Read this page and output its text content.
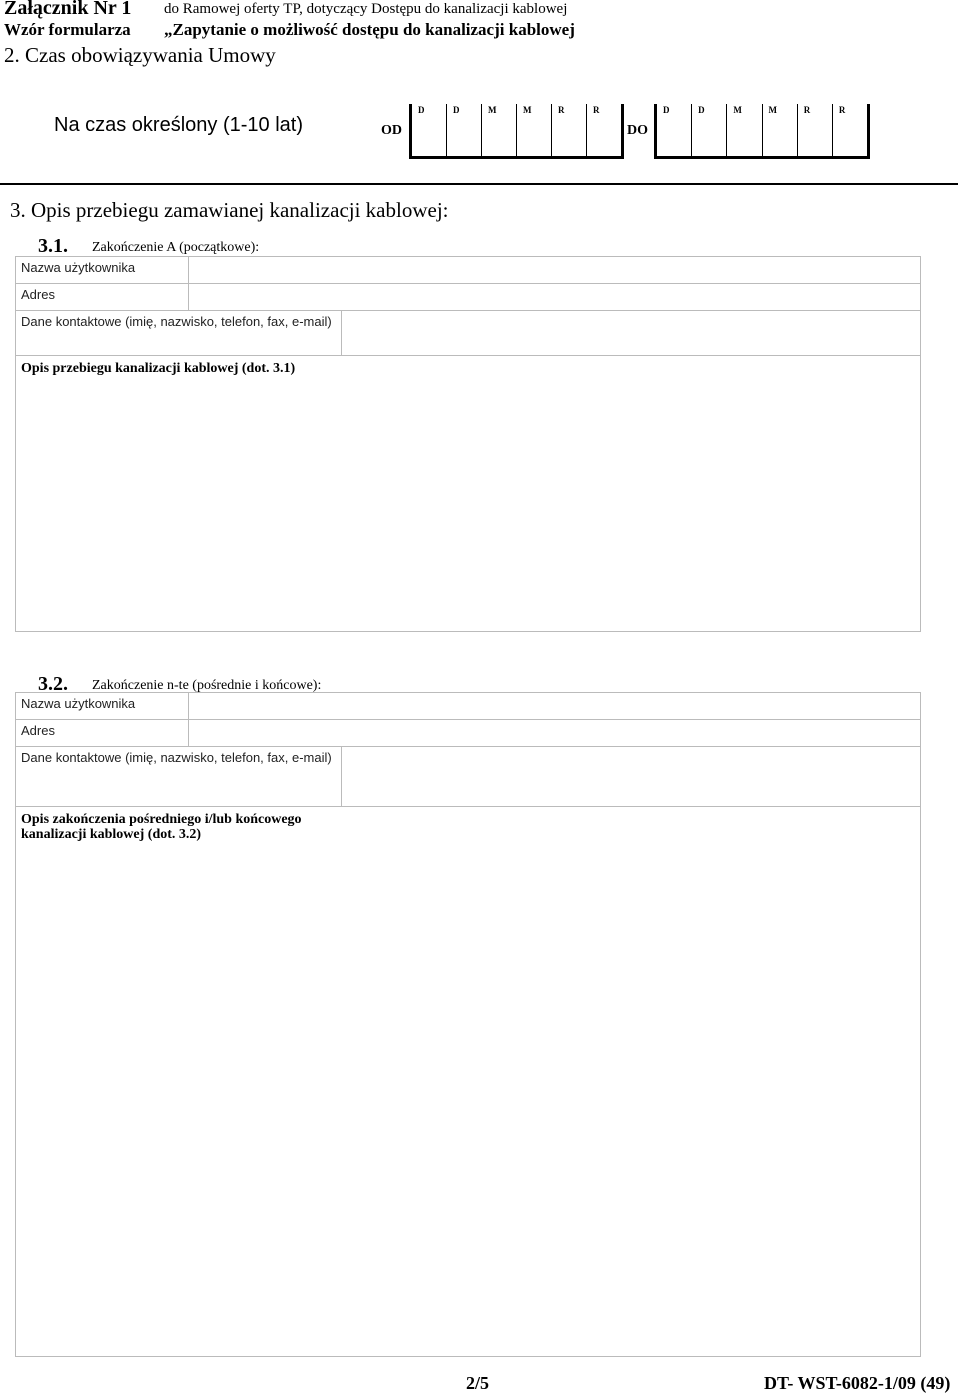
Załącznik Nr 1
Wzór formularza
do Ramowej oferty TP, dotyczący Dostępu do kanalizacji kablowej
„Zapytanie o możliwość dostępu do kanalizacji kablowej
2. Czas obowiązywania Umowy
Na czas określony (1-10 lat)	OD
D	D	M	M	R	R
DO
D	D	M	M	R	R
3. Opis przebiegu zamawianej kanalizacji kablowej:
3.1. Zakończenie A (początkowe):
Nazwa użytkownika
Adres
Dane kontaktowe (imię, nazwisko, telefon, fax, e-mail)
Opis przebiegu kanalizacji kablowej (dot. 3.1)
3.2. Zakończenie n-te (pośrednie i końcowe):
Nazwa użytkownika
Adres
Dane kontaktowe (imię, nazwisko, telefon, fax, e-mail)
Opis zakończenia pośredniego i/lub końcowego kanalizacji kablowej (dot. 3.2)
2/5	DT- WST-6082-1/09 (49)
